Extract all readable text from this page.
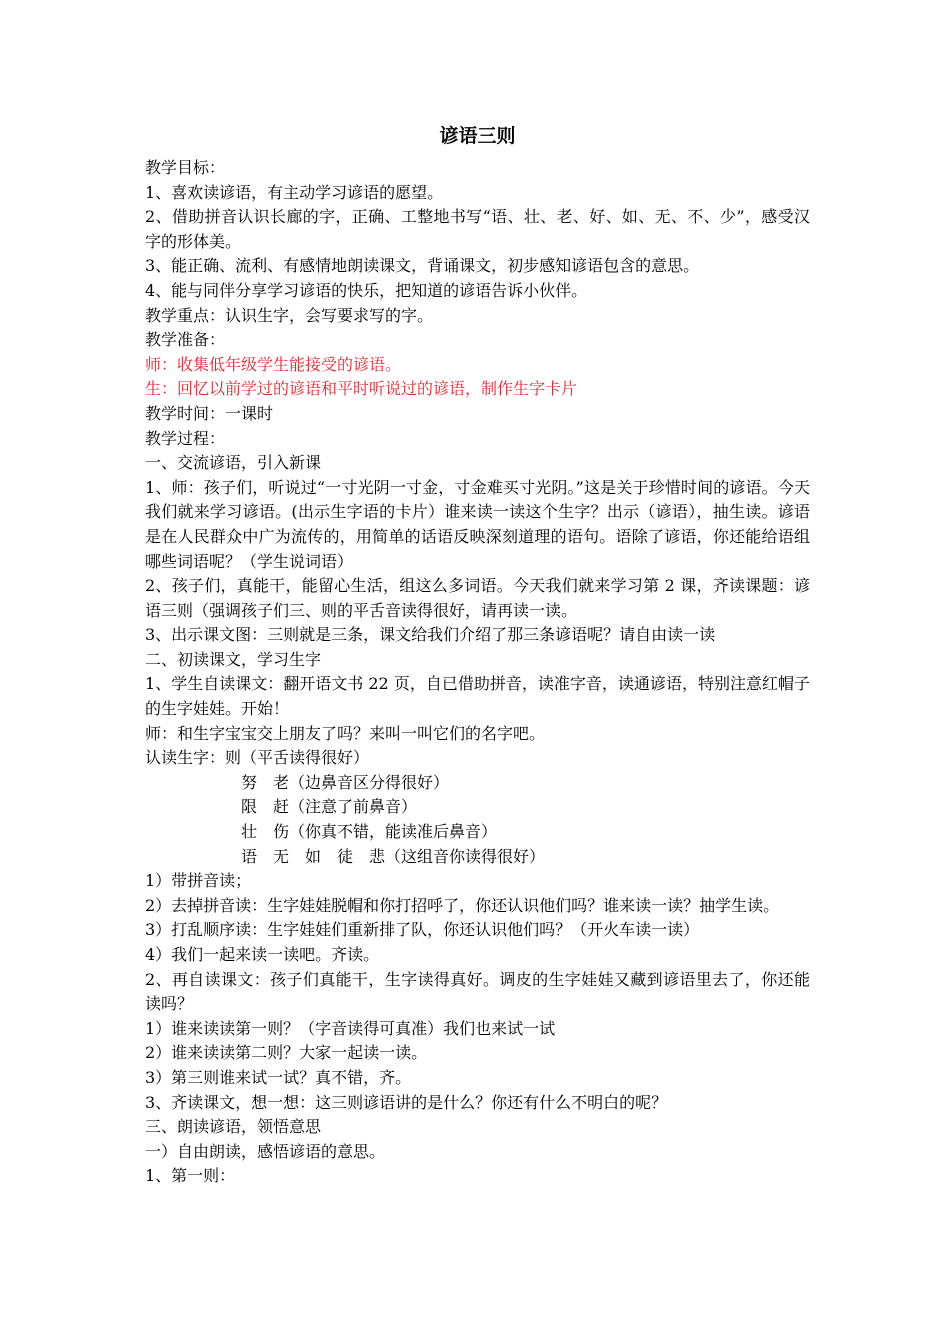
谚语三则
教学目标：
1、喜欢读谚语，有主动学习谚语的愿望。
2、借助拼音认识长廊的字，正确、工整地书写“语、壮、老、好、如、无、不、少”，感受汉字的形体美。
3、能正确、流利、有感情地朗读课文，背诵课文，初步感知谚语包含的意思。
4、能与同伴分享学习谚语的快乐，把知道的谚语告诉小伙伴。
教学重点：认识生字，会写要求写的字。
教学准备：
师：收集低年级学生能接受的谚语。
生：回忆以前学过的谚语和平时听说过的谚语，制作生字卡片
教学时间：一课时
教学过程：
一、交流谚语，引入新课
1、师：孩子们，听说过“一寸光阴一寸金，寸金难买寸光阴。”这是关于珍惜时间的谚语。今天我们就来学习谚语。(出示生字语的卡片）谁来读一读这个生字？出示（谚语），抽生读。谚语是在人民群众中广为流传的，用简单的话语反映深刻道理的语句。语除了谚语，你还能给语组哪些词语呢？（学生说词语）
2、孩子们，真能干，能留心生活，组这么多词语。今天我们就来学习第 2 课，齐读课题：谚语三则（强调孩子们三、则的平舌音读得很好，请再读一读。
3、出示课文图：三则就是三条，课文给我们介绍了那三条谚语呢？请自由读一读
二、初读课文，学习生字
1、学生自读课文：翻开语文书 22 页，自已借助拼音，读准字音，读通谚语，特别注意红帽子的生字娃娃。开始！
师：和生字宝宝交上朋友了吗？来叫一叫它们的名字吧。
认读生字：则（平舌读得很好）
努　老（边鼻音区分得很好）
限　赶（注意了前鼻音）
壮　伤（你真不错，能读准后鼻音）
语　无　如　徒　悲（这组音你读得很好）
1）带拼音读；
2）去掉拼音读：生字娃娃脱帽和你打招呼了，你还认识他们吗？谁来读一读？抽学生读。
3）打乱顺序读：生字娃娃们重新排了队，你还认识他们吗？（开火车读一读）
4）我们一起来读一读吧。齐读。
2、再自读课文：孩子们真能干，生字读得真好。调皮的生字娃娃又藏到谚语里去了，你还能读吗？
1）谁来读读第一则？（字音读得可真准）我们也来试一试
2）谁来读读第二则？大家一起读一读。
3）第三则谁来试一试？真不错，齐。
3、齐读课文，想一想：这三则谚语讲的是什么？你还有什么不明白的呢？
三、朗读谚语，领悟意思
一）自由朗读，感悟谚语的意思。
1、第一则：
